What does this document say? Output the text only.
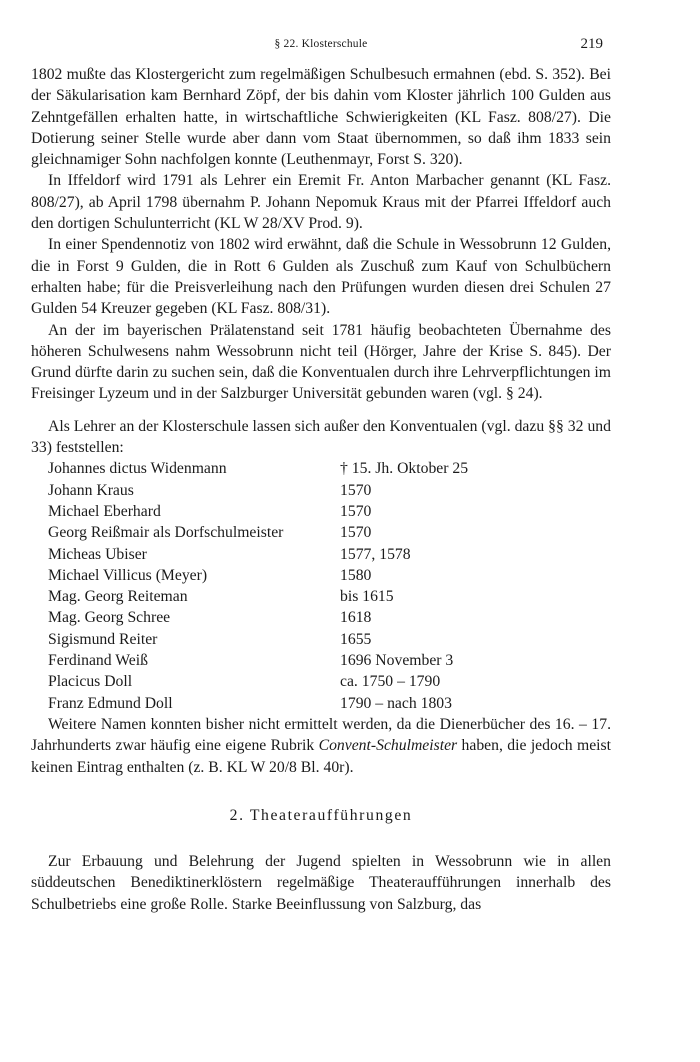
§ 22. Klosterschule	219

1802 mußte das Klostergericht zum regelmäßigen Schulbesuch ermahnen (ebd. S. 352). Bei der Säkularisation kam Bernhard Zöpf, der bis dahin vom Kloster jährlich 100 Gulden aus Zehntgefällen erhalten hatte, in wirtschaftliche Schwierigkeiten (KL Fasz. 808/27). Die Dotierung seiner Stelle wurde aber dann vom Staat übernommen, so daß ihm 1833 sein gleichnamiger Sohn nachfolgen konnte (Leuthenmayr, Forst S. 320).

In Iffeldorf wird 1791 als Lehrer ein Eremit Fr. Anton Marbacher genannt (KL Fasz. 808/27), ab April 1798 übernahm P. Johann Nepomuk Kraus mit der Pfarrei Iffeldorf auch den dortigen Schulunterricht (KL W 28/XV Prod. 9).

In einer Spendennotiz von 1802 wird erwähnt, daß die Schule in Wessobrunn 12 Gulden, die in Forst 9 Gulden, die in Rott 6 Gulden als Zuschuß zum Kauf von Schulbüchern erhalten habe; für die Preisverleihung nach den Prüfungen wurden diesen drei Schulen 27 Gulden 54 Kreuzer gegeben (KL Fasz. 808/31).

An der im bayerischen Prälatenstand seit 1781 häufig beobachteten Übernahme des höheren Schulwesens nahm Wessobrunn nicht teil (Hörger, Jahre der Krise S. 845). Der Grund dürfte darin zu suchen sein, daß die Konventualen durch ihre Lehrverpflichtungen im Freisinger Lyzeum und in der Salzburger Universität gebunden waren (vgl. § 24).

Als Lehrer an der Klosterschule lassen sich außer den Konventualen (vgl. dazu §§ 32 und 33) feststellen:

Johannes dictus Widenmann	† 15. Jh. Oktober 25
Johann Kraus	1570
Michael Eberhard	1570
Georg Reißmair als Dorfschulmeister	1570
Micheas Ubiser	1577, 1578
Michael Villicus (Meyer)	1580
Mag. Georg Reiteman	bis 1615
Mag. Georg Schree	1618
Sigismund Reiter	1655
Ferdinand Weiß	1696 November 3
Placicus Doll	ca. 1750 – 1790
Franz Edmund Doll	1790 – nach 1803

Weitere Namen konnten bisher nicht ermittelt werden, da die Dienerbücher des 16. – 17. Jahrhunderts zwar häufig eine eigene Rubrik Convent-Schulmeister haben, die jedoch meist keinen Eintrag enthalten (z. B. KL W 20/8 Bl. 40r).

2. Theateraufführungen

Zur Erbauung und Belehrung der Jugend spielten in Wessobrunn wie in allen süddeutschen Benediktinerklöstern regelmäßige Theateraufführungen innerhalb des Schulbetriebs eine große Rolle. Starke Beeinflussung von Salzburg, das
